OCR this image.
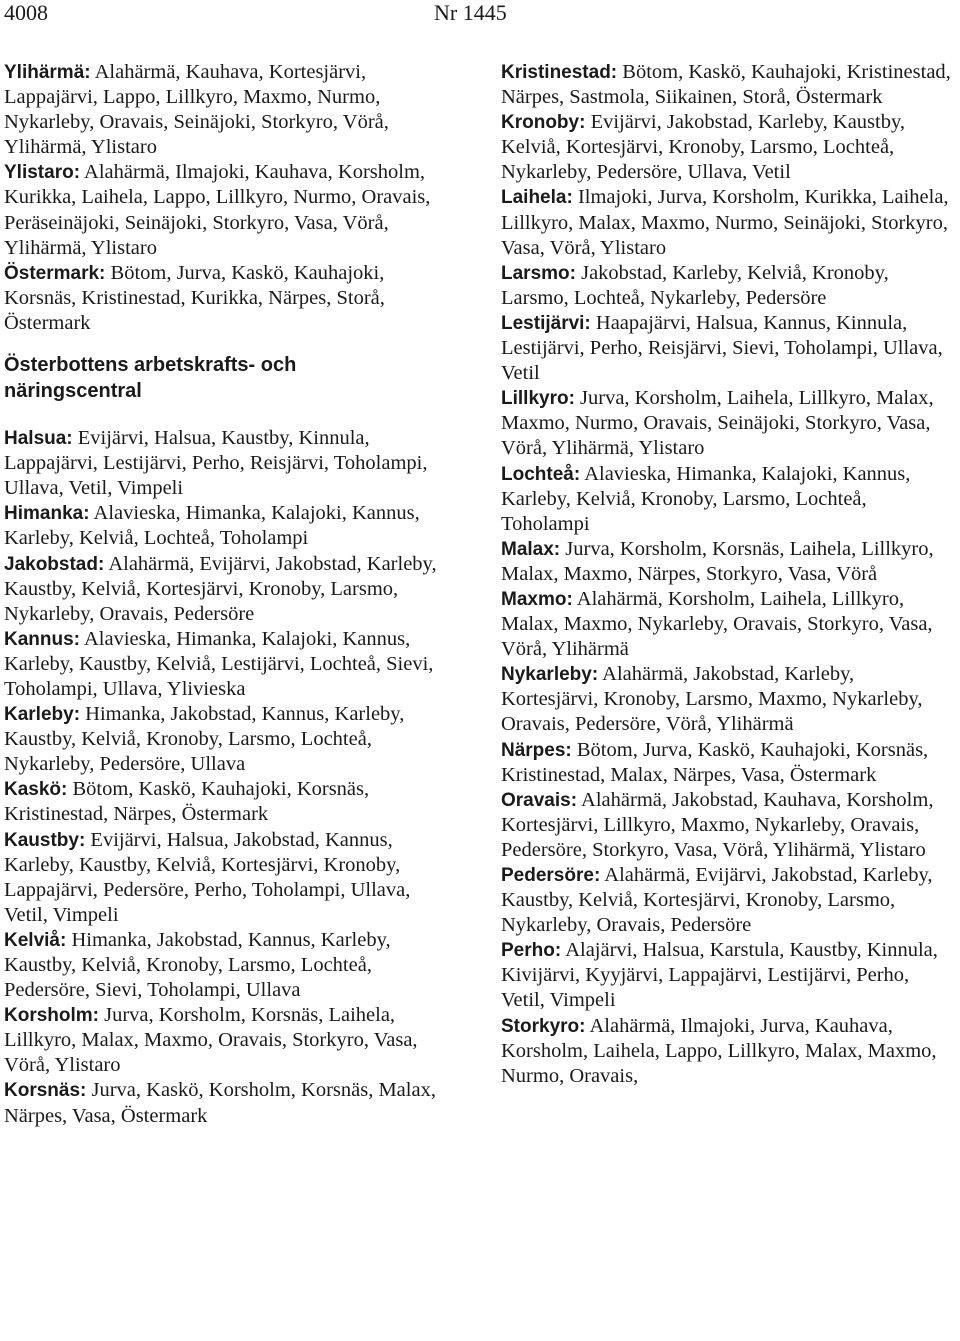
4008	Nr 1445

Ylihärmä: Alahärmä, Kauhava, Kortesjärvi, Lappajärvi, Lappo, Lillkyro, Maxmo, Nurmo, Nykarleby, Oravais, Seinäjoki, Storkyro, Vörå, Ylihärmä, Ylistaro

Ylistaro: Alahärmä, Ilmajoki, Kauhava, Korsholm, Kurikka, Laihela, Lappo, Lillkyro, Nurmo, Oravais, Peräseinäjoki, Seinäjoki, Storkyro, Vasa, Vörå, Ylihärmä, Ylistaro

Östermark: Bötom, Jurva, Kaskö, Kauhajoki, Korsnäs, Kristinestad, Kurikka, Närpes, Storå, Östermark

Österbottens arbetskrafts- och näringscentral

Halsua: Evijärvi, Halsua, Kaustby, Kinnula, Lappajärvi, Lestijärvi, Perho, Reisjärvi, Toholampi, Ullava, Vetil, Vimpeli

Himanka: Alavieska, Himanka, Kalajoki, Kannus, Karleby, Kelviå, Lochteå, Toholampi

Jakobstad: Alahärmä, Evijärvi, Jakobstad, Karleby, Kaustby, Kelviå, Kortesjärvi, Kronoby, Larsmo, Nykarleby, Oravais, Pedersöre

Kannus: Alavieska, Himanka, Kalajoki, Kannus, Karleby, Kaustby, Kelviå, Lestijärvi, Lochteå, Sievi, Toholampi, Ullava, Ylivieska

Karleby: Himanka, Jakobstad, Kannus, Karleby, Kaustby, Kelviå, Kronoby, Larsmo, Lochteå, Nykarleby, Pedersöre, Ullava

Kaskö: Bötom, Kaskö, Kauhajoki, Korsnäs, Kristinestad, Närpes, Östermark

Kaustby: Evijärvi, Halsua, Jakobstad, Kannus, Karleby, Kaustby, Kelviå, Kortesjärvi, Kronoby, Lappajärvi, Pedersöre, Perho, Toholampi, Ullava, Vetil, Vimpeli

Kelviå: Himanka, Jakobstad, Kannus, Karleby, Kaustby, Kelviå, Kronoby, Larsmo, Lochteå, Pedersöre, Sievi, Toholampi, Ullava

Korsholm: Jurva, Korsholm, Korsnäs, Laihela, Lillkyro, Malax, Maxmo, Oravais, Storkyro, Vasa, Vörå, Ylistaro

Korsnäs: Jurva, Kaskö, Korsholm, Korsnäs, Malax, Närpes, Vasa, Östermark

Kristinestad: Bötom, Kaskö, Kauhajoki, Kristinestad, Närpes, Sastmola, Siikainen, Storå, Östermark

Kronoby: Evijärvi, Jakobstad, Karleby, Kaustby, Kelviå, Kortesjärvi, Kronoby, Larsmo, Lochteå, Nykarleby, Pedersöre, Ullava, Vetil

Laihela: Ilmajoki, Jurva, Korsholm, Kurikka, Laihela, Lillkyro, Malax, Maxmo, Nurmo, Seinäjoki, Storkyro, Vasa, Vörå, Ylistaro

Larsmo: Jakobstad, Karleby, Kelviå, Kronoby, Larsmo, Lochteå, Nykarleby, Pedersöre

Lestijärvi: Haapajärvi, Halsua, Kannus, Kinnula, Lestijärvi, Perho, Reisjärvi, Sievi, Toholampi, Ullava, Vetil

Lillkyro: Jurva, Korsholm, Laihela, Lillkyro, Malax, Maxmo, Nurmo, Oravais, Seinäjoki, Storkyro, Vasa, Vörå, Ylihärmä, Ylistaro

Lochteå: Alavieska, Himanka, Kalajoki, Kannus, Karleby, Kelviå, Kronoby, Larsmo, Lochteå, Toholampi

Malax: Jurva, Korsholm, Korsnäs, Laihela, Lillkyro, Malax, Maxmo, Närpes, Storkyro, Vasa, Vörå

Maxmo: Alahärmä, Korsholm, Laihela, Lillkyro, Malax, Maxmo, Nykarleby, Oravais, Storkyro, Vasa, Vörå, Ylihärmä

Nykarleby: Alahärmä, Jakobstad, Karleby, Kortesjärvi, Kronoby, Larsmo, Maxmo, Nykarleby, Oravais, Pedersöre, Vörå, Ylihärmä

Närpes: Bötom, Jurva, Kaskö, Kauhajoki, Korsnäs, Kristinestad, Malax, Närpes, Vasa, Östermark

Oravais: Alahärmä, Jakobstad, Kauhava, Korsholm, Kortesjärvi, Lillkyro, Maxmo, Nykarleby, Oravais, Pedersöre, Storkyro, Vasa, Vörå, Ylihärmä, Ylistaro

Pedersöre: Alahärmä, Evijärvi, Jakobstad, Karleby, Kaustby, Kelviå, Kortesjärvi, Kronoby, Larsmo, Nykarleby, Oravais, Pedersöre

Perho: Alajärvi, Halsua, Karstula, Kaustby, Kinnula, Kivijärvi, Kyyjärvi, Lappajärvi, Lestijärvi, Perho, Vetil, Vimpeli

Storkyro: Alahärmä, Ilmajoki, Jurva, Kauhava, Korsholm, Laihela, Lappo, Lillkyro, Malax, Maxmo, Nurmo, Oravais,
